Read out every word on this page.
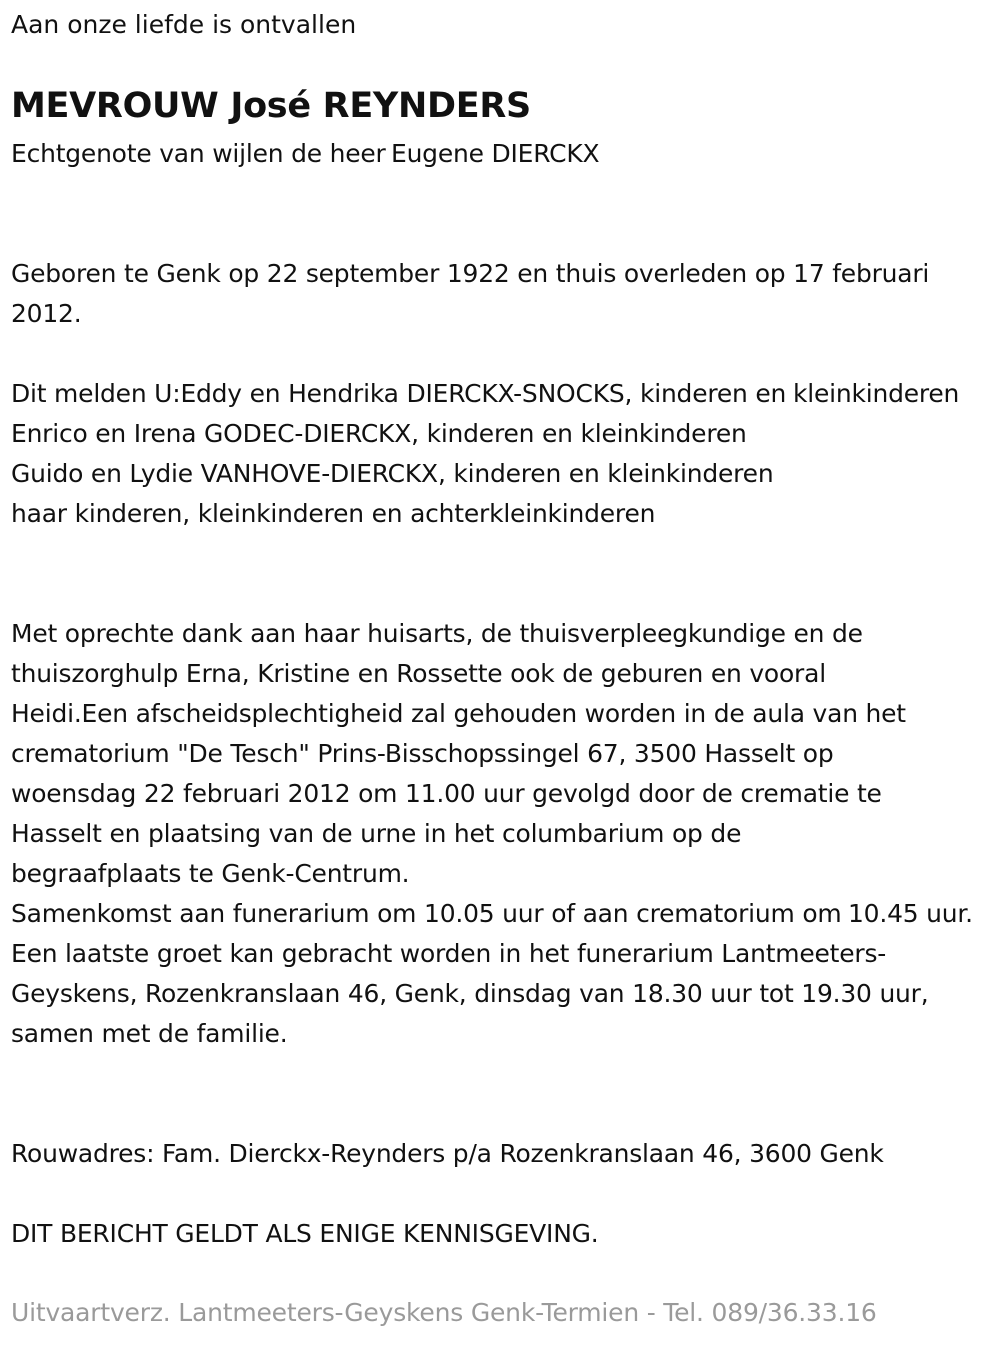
Aan onze liefde is ontvallen
MEVROUW José REYNDERS
Echtgenote van wijlen de heer Eugene DIERCKX
Geboren te Genk op 22 september 1922 en thuis overleden op 17 februari 2012.
Dit melden U:Eddy en Hendrika DIERCKX-SNOCKS, kinderen en kleinkinderen Enrico en Irena GODEC-DIERCKX, kinderen en kleinkinderen Guido en Lydie VANHOVE-DIERCKX, kinderen en kleinkinderen haar kinderen, kleinkinderen en achterkleinkinderen
Met oprechte dank aan haar huisarts, de thuisverpleegkundige en de thuiszorghulp Erna, Kristine en Rossette ook de geburen en vooral Heidi.Een afscheidsplechtigheid zal gehouden worden in de aula van het crematorium "De Tesch" Prins-Bisschopssingel 67, 3500 Hasselt op woensdag 22 februari 2012 om 11.00 uur gevolgd door de crematie te Hasselt en plaatsing van de urne in het columbarium op de begraafplaats te Genk-Centrum. Samenkomst aan funerarium om 10.05 uur of aan crematorium om 10.45 uur. Een laatste groet kan gebracht worden in het funerarium Lantmeeters- Geyskens, Rozenkranslaan 46, Genk, dinsdag van 18.30 uur tot 19.30 uur, samen met de familie.
Rouwadres: Fam. Dierckx-Reynders p/a Rozenkranslaan 46, 3600 Genk
DIT BERICHT GELDT ALS ENIGE KENNISGEVING.
Uitvaartverz. Lantmeeters-Geyskens Genk-Termien - Tel. 089/36.33.16
